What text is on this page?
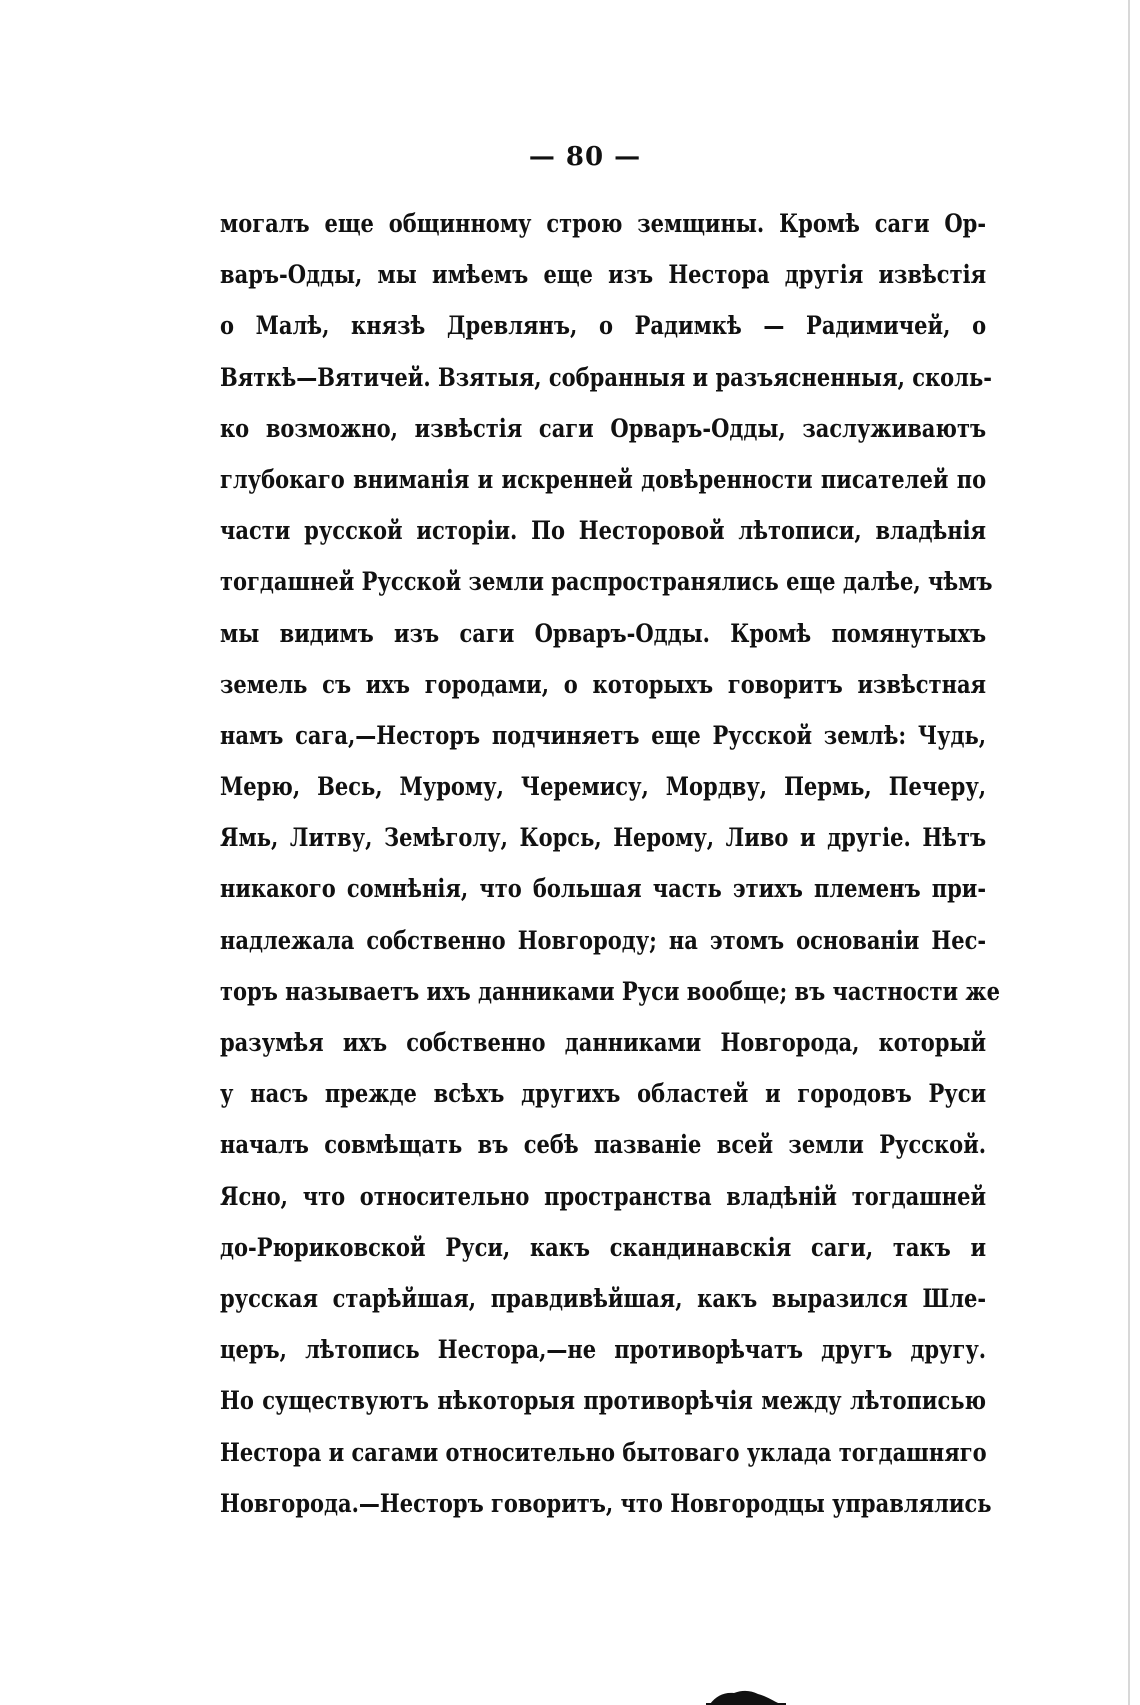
— 80 —
могалъ еще общинному строю земщины. Кромѣ саги Ор-
варъ-Одды, мы имѣемъ еще изъ Нестора другія извѣстія
о Малѣ, князѣ Древлянъ, о Радимкѣ — Радимичей, о
Вяткѣ—Вятичей. Взятыя, собранныя и разъясненныя, сколь-
ко возможно, извѣстія саги Орваръ-Одды, заслуживаютъ
глубокаго вниманія и искренней довѣренности писателей по
части русской исторіи. По Несторовой лѣтописи, владѣнія
тогдашней Русской земли распространялись еще далѣе, чѣмъ
мы видимъ изъ саги Орваръ-Одды. Кромѣ помянутыхъ
земель съ ихъ городами, о которыхъ говоритъ извѣстная
намъ сага,—Несторъ подчиняетъ еще Русской землѣ: Чудь,
Мерю, Весь, Мурому, Черемису, Мордву, Пермь, Печеру,
Ямь, Литву, Земѣголу, Корсь, Нерому, Ливо и другіе. Нѣтъ
никакого сомнѣнія, что большая часть этихъ племенъ при-
надлежала собственно Новгороду; на этомъ основаніи Нес-
торъ называетъ ихъ данниками Руси вообще; въ частности же
разумѣя ихъ собственно данниками Новгорода, который
у насъ прежде всѣхъ другихъ областей и городовъ Руси
началъ совмѣщать въ себѣ пазваніе всей земли Русской.
Ясно, что относительно пространства владѣній тогдашней
до-Рюриковской Руси, какъ скандинавскія саги, такъ и
русская старѣйшая, правдивѣйшая, какъ выразился Шле-
церъ, лѣтопись Нестора,—не противорѣчатъ другъ другу.
Но существуютъ нѣкоторыя противорѣчія между лѣтописью
Нестора и сагами относительно бытоваго уклада тогдашняго
Новгорода.—Несторъ говоритъ, что Новгородцы управлялись
